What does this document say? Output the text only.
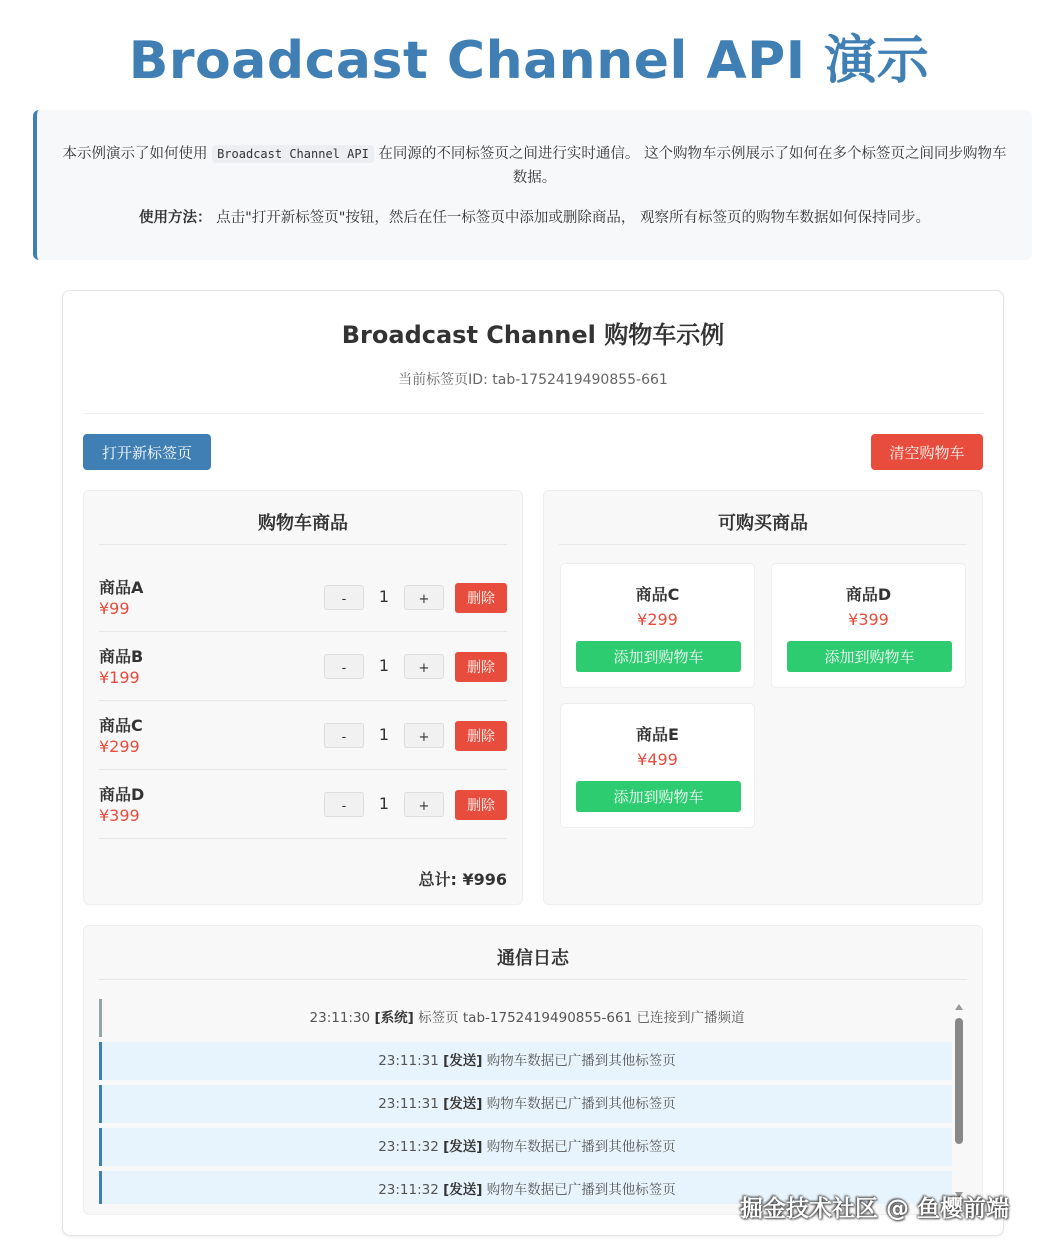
Broadcast Channel API 演示

本示例演示了如何使用 Broadcast Channel API 在同源的不同标签页之间进行实时通信。 这个购物车示例展示了如何在多个标签页之间同步购物车数据。

使用方法： 点击"打开新标签页"按钮，然后在任一标签页中添加或删除商品， 观察所有标签页的购物车数据如何保持同步。

Broadcast Channel 购物车示例
当前标签页ID: tab-1752419490855-661
打开新标签页	清空购物车
购物车商品
商品A
¥99	-	1	+	删除
商品B
¥199	-	1	+	删除
商品C
¥299	-	1	+	删除
商品D
¥399	-	1	+	删除
总计: ¥996
可购买商品
商品C
¥299
添加到购物车
商品D
¥399
添加到购物车
商品E
¥499
添加到购物车
通信日志
23:11:30 [系统] 标签页 tab-1752419490855-661 已连接到广播频道
23:11:31 [发送] 购物车数据已广播到其他标签页
23:11:31 [发送] 购物车数据已广播到其他标签页
23:11:32 [发送] 购物车数据已广播到其他标签页
23:11:32 [发送] 购物车数据已广播到其他标签页
掘金技术社区 @ 鱼樱前端
